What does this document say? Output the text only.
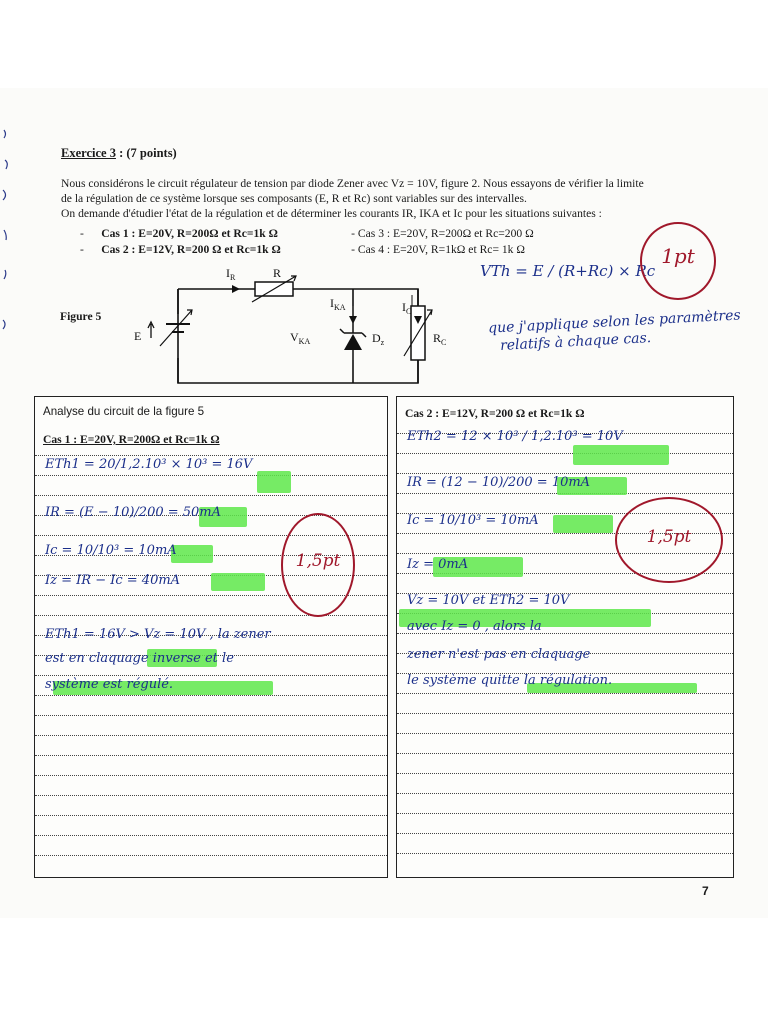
Exercice 3 : (7 points)

Nous considérons le circuit régulateur de tension par diode Zener avec Vz = 10V, figure 2. Nous essayons de vérifier la limite

de la régulation de ce système lorsque ses composants (E, R et Rc) sont variables sur des intervalles.

On demande d'étudier l'état de la régulation et de déterminer les courants IR, IKA et Ic pour les situations suivantes :

-      Cas 1 : E=20V, R=200Ω et Rc=1k Ω	- Cas 3 : E=20V, R=200Ω et Rc=200 Ω
-      Cas 2 : E=12V, R=200 Ω et Rc=1k Ω	- Cas 4 : E=20V, R=1kΩ et Rc= 1k Ω
Figure 5
$I_R$	R
$I_{KA}$	$I_C$
E	$V_{KA}$	$D_z$	$R_C$
VTh = E / (R+Rc) × Rc
que j'applique selon les paramètres
relatifs à chaque cas.
1pt
Analyse du circuit de la figure 5
Cas 1 : E=20V, R=200Ω et Rc=1k Ω
ETh1 = 20/1,2.10³ × 10³ = 16V
IR = (E − 10)/200 = 50mA
Ic = 10/10³ = 10mA
Iz = IR − Ic = 40mA
ETh1 = 16V > Vz = 10V , la zener
est en claquage inverse et le
système est régulé.
1,5pt
Cas 2 : E=12V, R=200 Ω et Rc=1k Ω
ETh2 = 12 × 10³ / 1,2.10³ = 10V
IR = (12 − 10)/200 = 10mA
Ic = 10/10³ = 10mA
Iz = 0mA
Vz = 10V et ETh2 = 10V
avec Iz = 0 , alors la
zener n'est pas en claquage
le système quitte la régulation.
1,5pt
7
